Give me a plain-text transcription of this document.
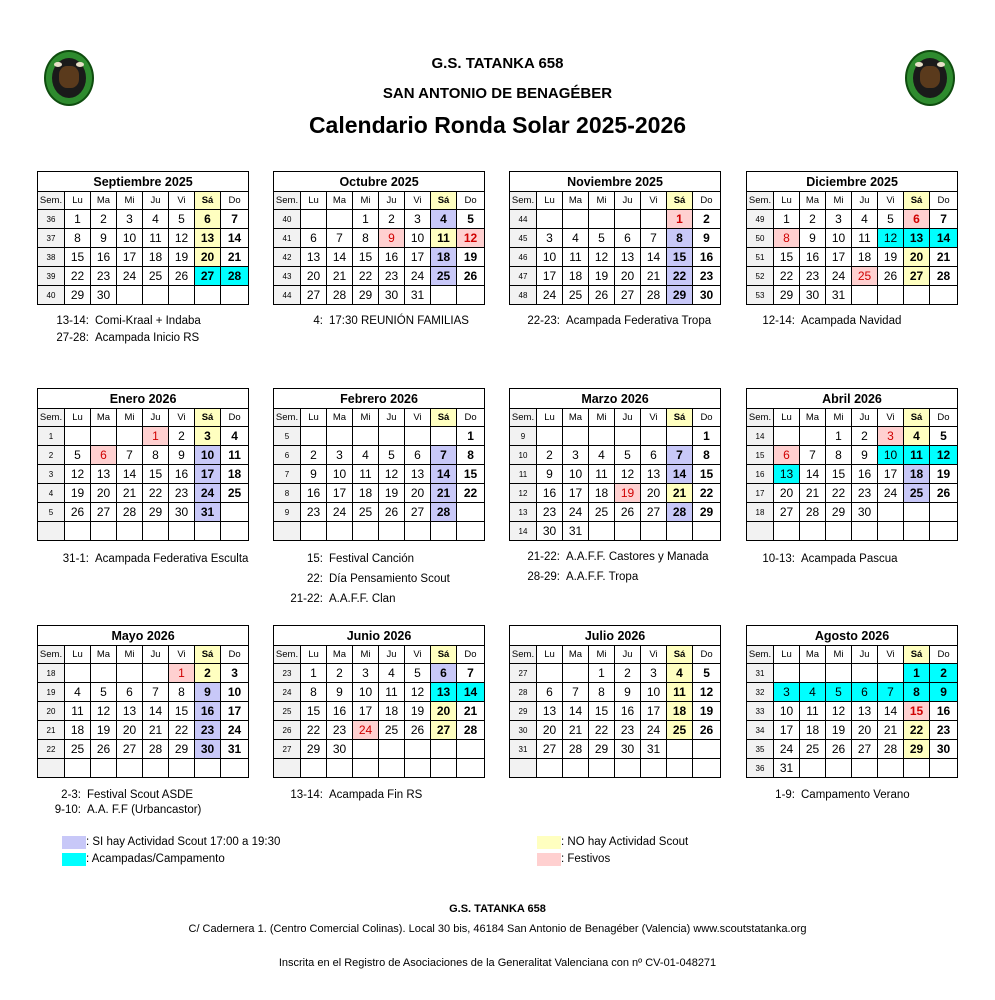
G.S. TATANKA 658
SAN ANTONIO DE BENAGÉBER
Calendario Ronda Solar 2025-2026
Septiembre 2025							
Sem.	Lu	Ma	Mi	Ju	Vi	Sá	Do
36	1	2	3	4	5	6	7
37	8	9	10	11	12	13	14
38	15	16	17	18	19	20	21
39	22	23	24	25	26	27	28
40	29	30					
13-14: Comi-Kraal + Indaba
27-28: Acampada Inicio RS
Octubre 2025							
Sem.	Lu	Ma	Mi	Ju	Vi	Sá	Do
40			1	2	3	4	5
41	6	7	8	9	10	11	12
42	13	14	15	16	17	18	19
43	20	21	22	23	24	25	26
44	27	28	29	30	31		
4: 17:30 REUNIÓN FAMILIAS
Noviembre 2025							
Sem.	Lu	Ma	Mi	Ju	Vi	Sá	Do
44						1	2
45	3	4	5	6	7	8	9
46	10	11	12	13	14	15	16
47	17	18	19	20	21	22	23
48	24	25	26	27	28	29	30
22-23: Acampada Federativa Tropa
Diciembre 2025							
Sem.	Lu	Ma	Mi	Ju	Vi	Sá	Do
49	1	2	3	4	5	6	7
50	8	9	10	11	12	13	14
51	15	16	17	18	19	20	21
52	22	23	24	25	26	27	28
53	29	30	31				
12-14: Acampada Navidad
Enero 2026							
Sem.	Lu	Ma	Mi	Ju	Vi	Sá	Do
1				1	2	3	4
2	5	6	7	8	9	10	11
3	12	13	14	15	16	17	18
4	19	20	21	22	23	24	25
5	26	27	28	29	30	31	

31-1: Acampada Federativa Esculta
Febrero 2026							
Sem.	Lu	Ma	Mi	Ju	Vi	Sá	Do
5							1
6	2	3	4	5	6	7	8
7	9	10	11	12	13	14	15
8	16	17	18	19	20	21	22
9	23	24	25	26	27	28	

15: Festival Canción
22: Día Pensamiento Scout
21-22: A.A.F.F. Clan
Marzo 2026							
Sem.	Lu	Ma	Mi	Ju	Vi	Sá	Do
9							1
10	2	3	4	5	6	7	8
11	9	10	11	12	13	14	15
12	16	17	18	19	20	21	22
13	23	24	25	26	27	28	29
14	30	31					
21-22: A.A.F.F. Castores y Manada
28-29: A.A.F.F. Tropa
Abril 2026							
Sem.	Lu	Ma	Mi	Ju	Vi	Sá	Do
14			1	2	3	4	5
15	6	7	8	9	10	11	12
16	13	14	15	16	17	18	19
17	20	21	22	23	24	25	26
18	27	28	29	30			

10-13: Acampada Pascua
Mayo 2026							
Sem.	Lu	Ma	Mi	Ju	Vi	Sá	Do
18					1	2	3
19	4	5	6	7	8	9	10
20	11	12	13	14	15	16	17
21	18	19	20	21	22	23	24
22	25	26	27	28	29	30	31

2-3: Festival Scout ASDE
9-10: A.A. F.F (Urbancastor)
Junio 2026							
Sem.	Lu	Ma	Mi	Ju	Vi	Sá	Do
23	1	2	3	4	5	6	7
24	8	9	10	11	12	13	14
25	15	16	17	18	19	20	21
26	22	23	24	25	26	27	28
27	29	30					

13-14: Acampada Fin RS
Julio 2026							
Sem.	Lu	Ma	Mi	Ju	Vi	Sá	Do
27			1	2	3	4	5
28	6	7	8	9	10	11	12
29	13	14	15	16	17	18	19
30	20	21	22	23	24	25	26
31	27	28	29	30	31		

Agosto 2026							
Sem.	Lu	Ma	Mi	Ju	Vi	Sá	Do
31						1	2
32	3	4	5	6	7	8	9
33	10	11	12	13	14	15	16
34	17	18	19	20	21	22	23
35	24	25	26	27	28	29	30
36	31						
1-9: Campamento Verano
: SI hay Actividad Scout 17:00 a 19:30
: Acampadas/Campamento
: NO hay Actividad Scout
: Festivos
G.S. TATANKA 658
C/ Cadernera 1. (Centro Comercial Colinas). Local 30 bis, 46184 San Antonio de Benagéber (Valencia) www.scoutstatanka.org
Inscrita en el Registro de Asociaciones de la Generalitat Valenciana con nº CV-01-048271
